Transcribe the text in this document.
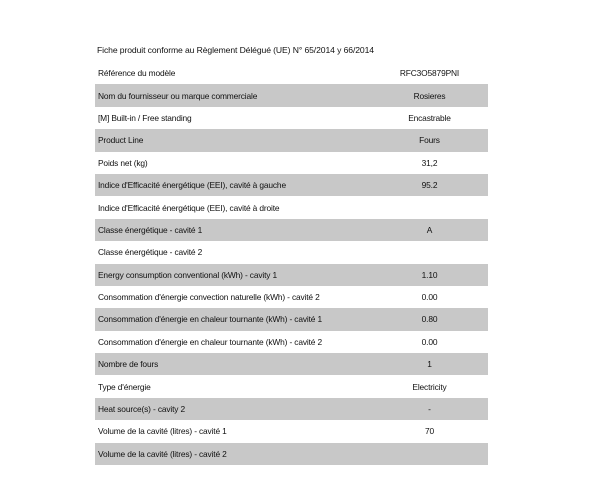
Fiche produit conforme au Règlement Délégué (UE) N° 65/2014 y 66/2014
Référence du modèle	RFC3O5879PNI
Nom du fournisseur ou marque commerciale	Rosieres
[M] Built-in / Free standing	Encastrable
Product Line	Fours
Poids net (kg)	31,2
Indice d'Efficacité énergétique (EEI), cavité à gauche	95.2
Indice d'Efficacité énergétique (EEI), cavité à droite
Classe énergétique - cavité 1	A
Classe énergétique - cavité 2
Energy consumption conventional (kWh) - cavity 1	1.10
Consommation d'énergie convection naturelle (kWh) - cavité 2	0.00
Consommation d'énergie en chaleur tournante (kWh) - cavité 1	0.80
Consommation d'énergie en chaleur tournante (kWh) - cavité 2	0.00
Nombre de fours	1
Type d'énergie	Electricity
Heat source(s) - cavity 2	-
Volume de la cavité (litres) - cavité 1	70
Volume de la cavité (litres) - cavité 2
